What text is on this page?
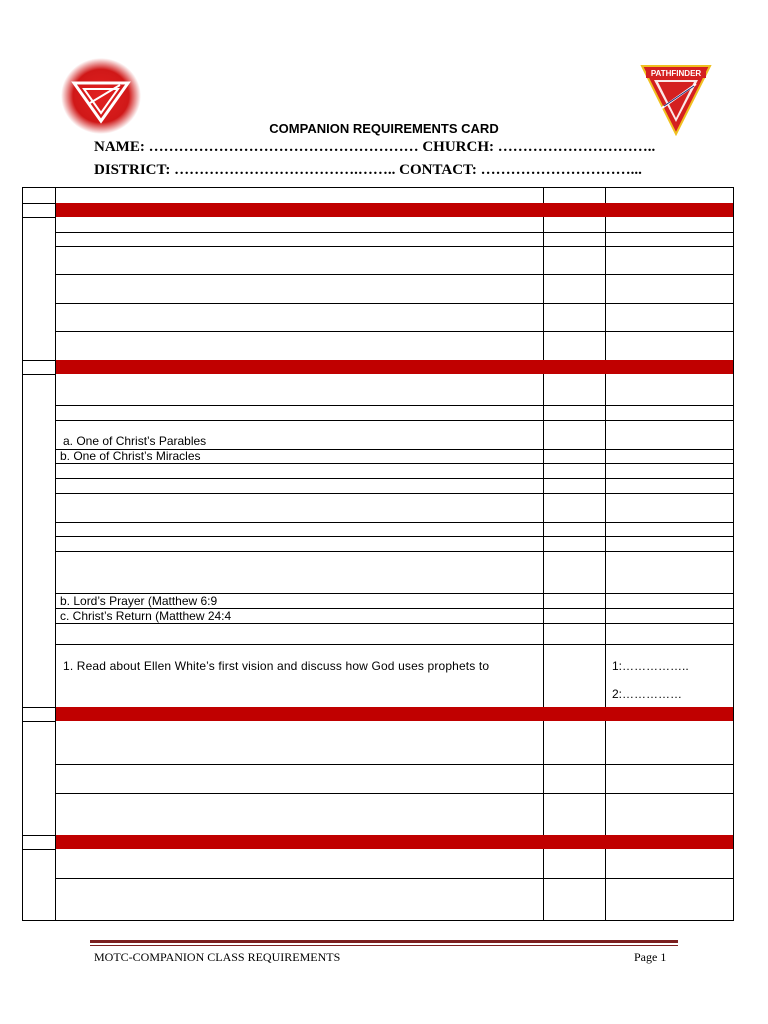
PATHFINDER
COMPANION REQUIREMENTS CARD
NAME: ……………………………………………… CHURCH: …………………………..
DISTRICT: ……………………………….…….. CONTACT: …………………………...
a. One of Christ’s Parables
b. One of Christ’s Miracles
b. Lord’s Prayer (Matthew 6:9
c. Christ’s Return (Matthew 24:4
1. Read about Ellen White’s first vision and discuss how God uses prophets to	1:……………..
2:……………
MOTC-COMPANION CLASS REQUIREMENTS	Page 1
